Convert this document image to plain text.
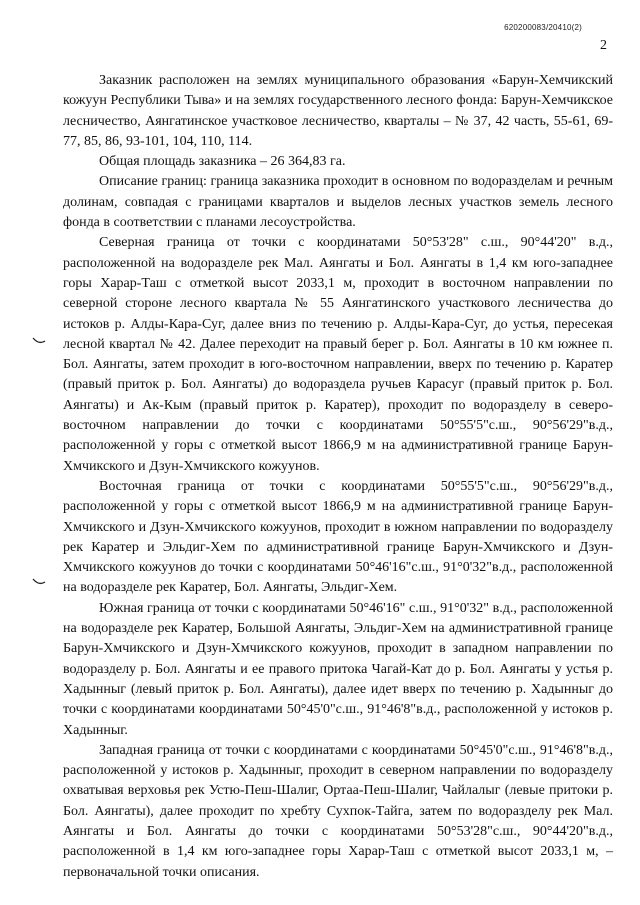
620200083/20410(2)
2

Заказник расположен на землях муниципального образования «Барун-Хемчикский кожуун Республики Тыва» и на землях государственного лесного фонда: Барун-Хемчикское лесничество, Аянгатинское участковое лесничество, кварталы – № 37, 42 часть, 55-61, 69-77, 85, 86, 93-101, 104, 110, 114.

Общая площадь заказника – 26 364,83 га.

Описание границ: граница заказника проходит в основном по водоразделам и речным долинам, совпадая с границами кварталов и выделов лесных участков земель лесного фонда в соответствии с планами лесоустройства.

Северная граница от точки с координатами 50°53'28" с.ш., 90°44'20" в.д., расположенной на водоразделе рек Мал. Аянгаты и Бол. Аянгаты в 1,4 км юго-западнее горы Харар-Таш с отметкой высот 2033,1 м, проходит в восточном направлении по северной стороне лесного квартала № 55 Аянгатинского участкового лесничества до истоков р. Алды-Кара-Суг, далее вниз по течению р. Алды-Кара-Суг, до устья, пересекая лесной квартал № 42. Далее переходит на правый берег р. Бол. Аянгаты в 10 км южнее п. Бол. Аянгаты, затем проходит в юго-восточном направлении, вверх по течению р. Каратер (правый приток р. Бол. Аянгаты) до водораздела ручьев Карасуг (правый приток р. Бол. Аянгаты) и Ак-Кым (правый приток р. Каратер), проходит по водоразделу в северо-восточном направлении до точки с координатами 50°55'5"с.ш., 90°56'29"в.д., расположенной у горы с отметкой высот 1866,9 м на административной границе Барун-Хмчикского и Дзун-Хмчикского кожуунов.

Восточная граница от точки с координатами 50°55'5"с.ш., 90°56'29"в.д., расположенной у горы с отметкой высот 1866,9 м на административной границе Барун-Хмчикского и Дзун-Хмчикского кожуунов, проходит в южном направлении по водоразделу рек Каратер и Эльдиг-Хем по административной границе Барун-Хмчикского и Дзун-Хмчикского кожуунов до точки с координатами 50°46'16"с.ш., 91°0'32"в.д., расположенной на водоразделе рек Каратер, Бол. Аянгаты, Эльдиг-Хем.

Южная граница от точки с координатами 50°46'16" с.ш., 91°0'32" в.д., расположенной на водоразделе рек Каратер, Большой Аянгаты, Эльдиг-Хем на административной границе Барун-Хмчикского и Дзун-Хмчикского кожуунов, проходит в западном направлении по водоразделу р. Бол. Аянгаты и ее правого притока Чагай-Кат до р. Бол. Аянгаты у устья р. Хадынныг (левый приток р. Бол. Аянгаты), далее идет вверх по течению р. Хадынныг до точки с координатами координатами 50°45'0"с.ш., 91°46'8"в.д., расположенной у истоков р. Хадынныг.

Западная граница от точки с координатами с координатами 50°45'0"с.ш., 91°46'8"в.д., расположенной у истоков р. Хадынныг, проходит в северном направлении по водоразделу охватывая верховья рек Устю-Пеш-Шалиг, Ортаа-Пеш-Шалиг, Чайлалыг (левые притоки р. Бол. Аянгаты), далее проходит по хребту Сухпок-Тайга, затем по водоразделу рек Мал. Аянгаты и Бол. Аянгаты до точки с координатами 50°53'28"с.ш., 90°44'20"в.д., расположенной в 1,4 км юго-западнее горы Харар-Таш с отметкой высот 2033,1 м, – первоначальной точки описания.
